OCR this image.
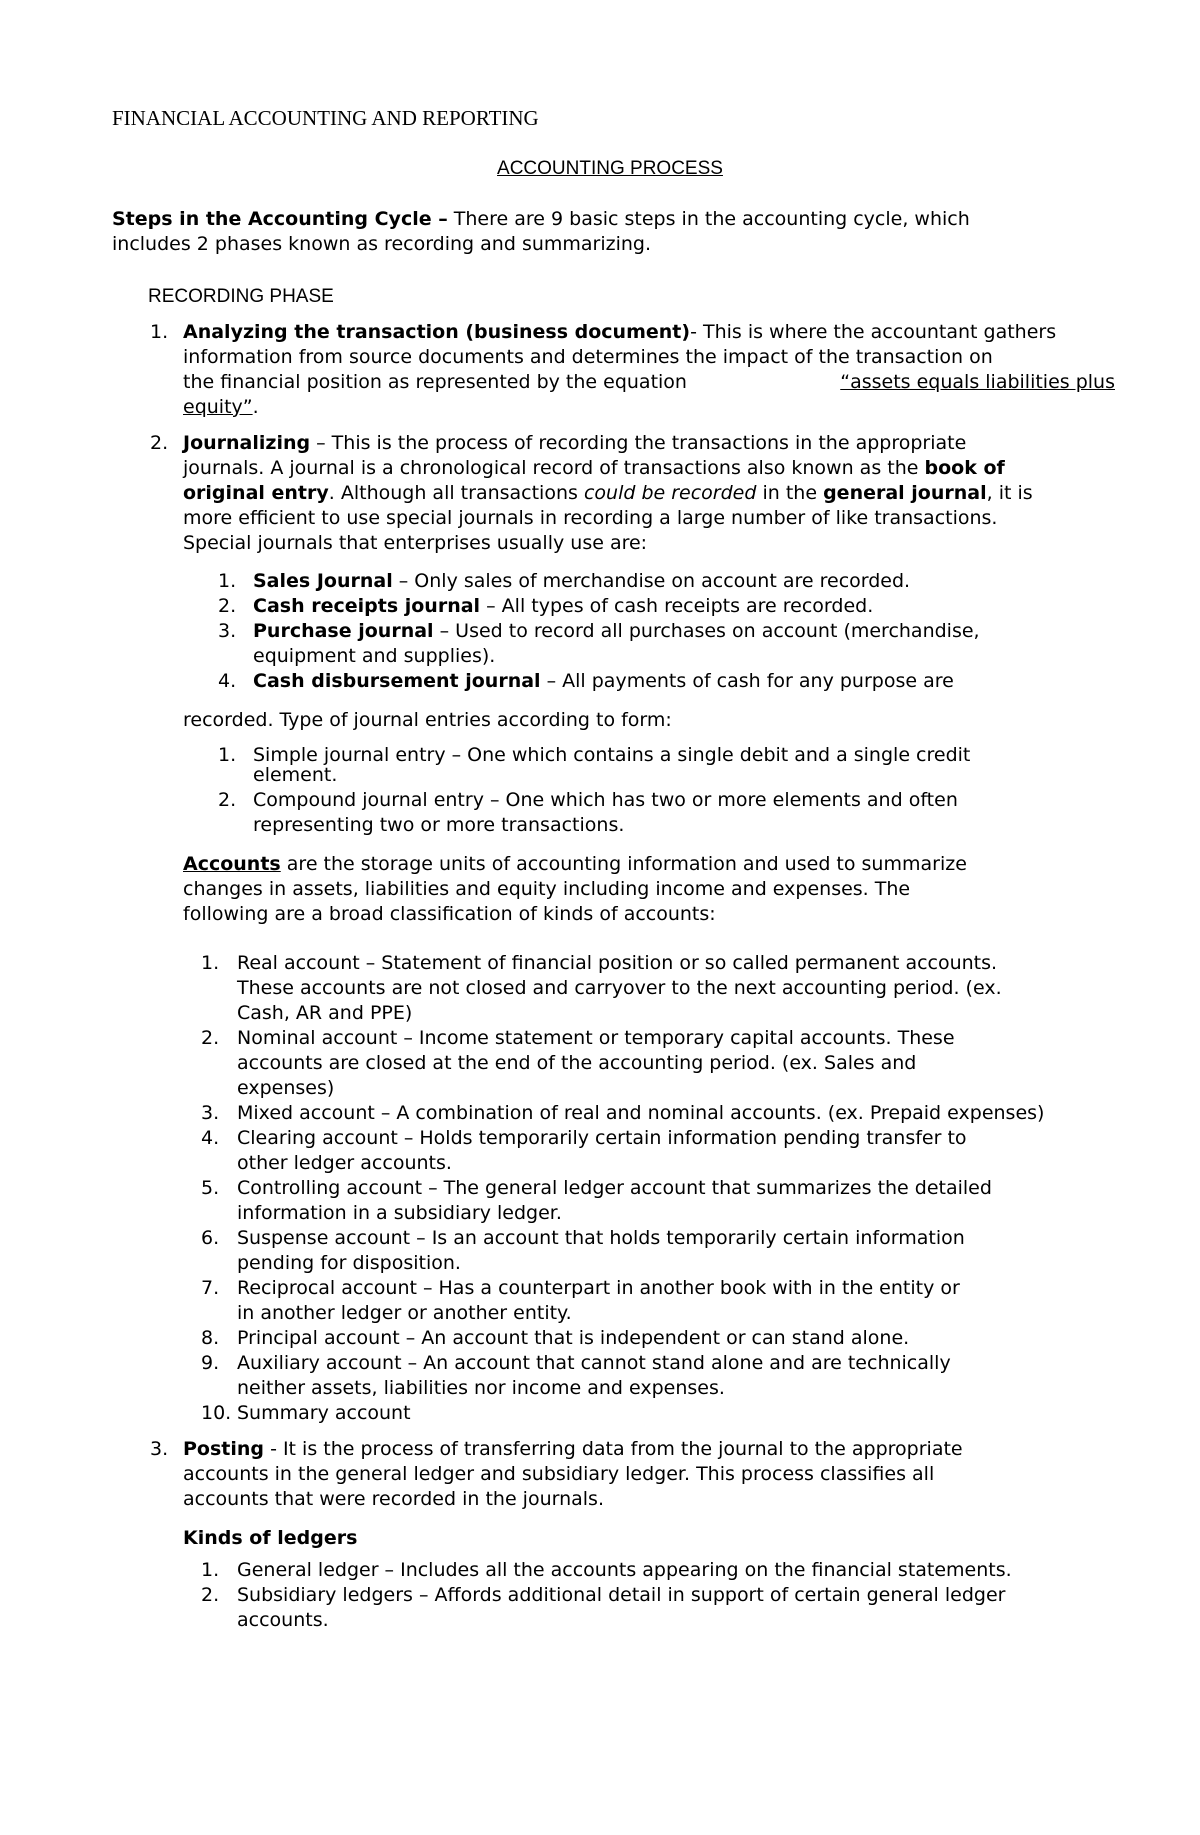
FINANCIAL ACCOUNTING AND REPORTING
ACCOUNTING PROCESS
Steps in the Accounting Cycle – There are 9 basic steps in the accounting cycle, which
includes 2 phases known as recording and summarizing.
RECORDING PHASE
1. Analyzing the transaction (business document)- This is where the accountant gathers
information from source documents and determines the impact of the transaction on
the financial position as represented by the equation	“assets equals liabilities plus
equity”.
2. Journalizing – This is the process of recording the transactions in the appropriate
journals. A journal is a chronological record of transactions also known as the book of
original entry. Although all transactions could be recorded in the general journal, it is
more efficient to use special journals in recording a large number of like transactions.
Special journals that enterprises usually use are:
1. Sales Journal – Only sales of merchandise on account are recorded.
2. Cash receipts journal – All types of cash receipts are recorded.
3. Purchase journal – Used to record all purchases on account (merchandise,
equipment and supplies).
4. Cash disbursement journal – All payments of cash for any purpose are
recorded. Type of journal entries according to form:
1. Simple journal entry – One which contains a single debit and a single credit
element.
2. Compound journal entry – One which has two or more elements and often
representing two or more transactions.
Accounts are the storage units of accounting information and used to summarize
changes in assets, liabilities and equity including income and expenses. The
following are a broad classification of kinds of accounts:
1. Real account – Statement of financial position or so called permanent accounts.
These accounts are not closed and carryover to the next accounting period. (ex.
Cash, AR and PPE)
2. Nominal account – Income statement or temporary capital accounts. These
accounts are closed at the end of the accounting period. (ex. Sales and
expenses)
3. Mixed account – A combination of real and nominal accounts. (ex. Prepaid expenses)
4. Clearing account – Holds temporarily certain information pending transfer to
other ledger accounts.
5. Controlling account – The general ledger account that summarizes the detailed
information in a subsidiary ledger.
6. Suspense account – Is an account that holds temporarily certain information
pending for disposition.
7. Reciprocal account – Has a counterpart in another book with in the entity or
in another ledger or another entity.
8. Principal account – An account that is independent or can stand alone.
9. Auxiliary account – An account that cannot stand alone and are technically
neither assets, liabilities nor income and expenses.
10. Summary account
3. Posting - It is the process of transferring data from the journal to the appropriate
accounts in the general ledger and subsidiary ledger. This process classifies all
accounts that were recorded in the journals.
Kinds of ledgers
1. General ledger – Includes all the accounts appearing on the financial statements.
2. Subsidiary ledgers – Affords additional detail in support of certain general ledger
accounts.
